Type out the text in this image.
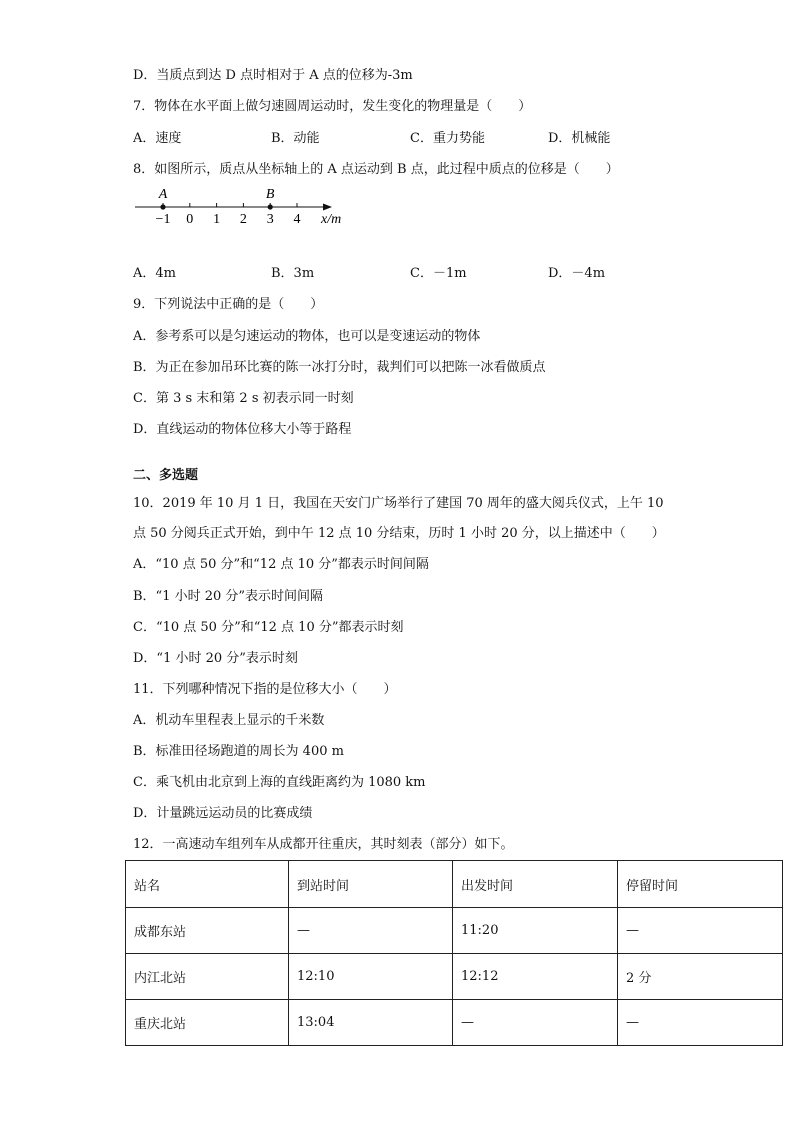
D．当质点到达 D 点时相对于 A 点的位移为-3m
7．物体在水平面上做匀速圆周运动时，发生变化的物理量是（　　）
A．速度	B．动能	C．重力势能	D．机械能
8．如图所示，质点从坐标轴上的 A 点运动到 B 点，此过程中质点的位移是（　　）
−1 0 1 2 3 4
A	B
x/m
A．4m	B．3m	C．－1m	D．－4m
9．下列说法中正确的是（　　）
A．参考系可以是匀速运动的物体，也可以是变速运动的物体
B．为正在参加吊环比赛的陈一冰打分时，裁判们可以把陈一冰看做质点
C．第 3 s 末和第 2 s 初表示同一时刻
D．直线运动的物体位移大小等于路程
二、多选题
10．2019 年 10 月 1 日，我国在天安门广场举行了建国 70 周年的盛大阅兵仪式，上午 10
点 50 分阅兵正式开始，到中午 12 点 10 分结束，历时 1 小时 20 分，以上描述中（　　）
A．“10 点 50 分”和“12 点 10 分”都表示时间间隔
B．“1 小时 20 分”表示时间间隔
C．“10 点 50 分”和“12 点 10 分”都表示时刻
D．“1 小时 20 分”表示时刻
11．下列哪种情况下指的是位移大小（　　）
A．机动车里程表上显示的千米数
B．标准田径场跑道的周长为 400 m
C．乘飞机由北京到上海的直线距离约为 1080 km
D．计量跳远运动员的比赛成绩
12．一高速动车组列车从成都开往重庆，其时刻表（部分）如下。
站名	到站时间	出发时间	停留时间
成都东站	—	11:20	—
内江北站	12:10	12:12	2 分
重庆北站	13:04	—	—
